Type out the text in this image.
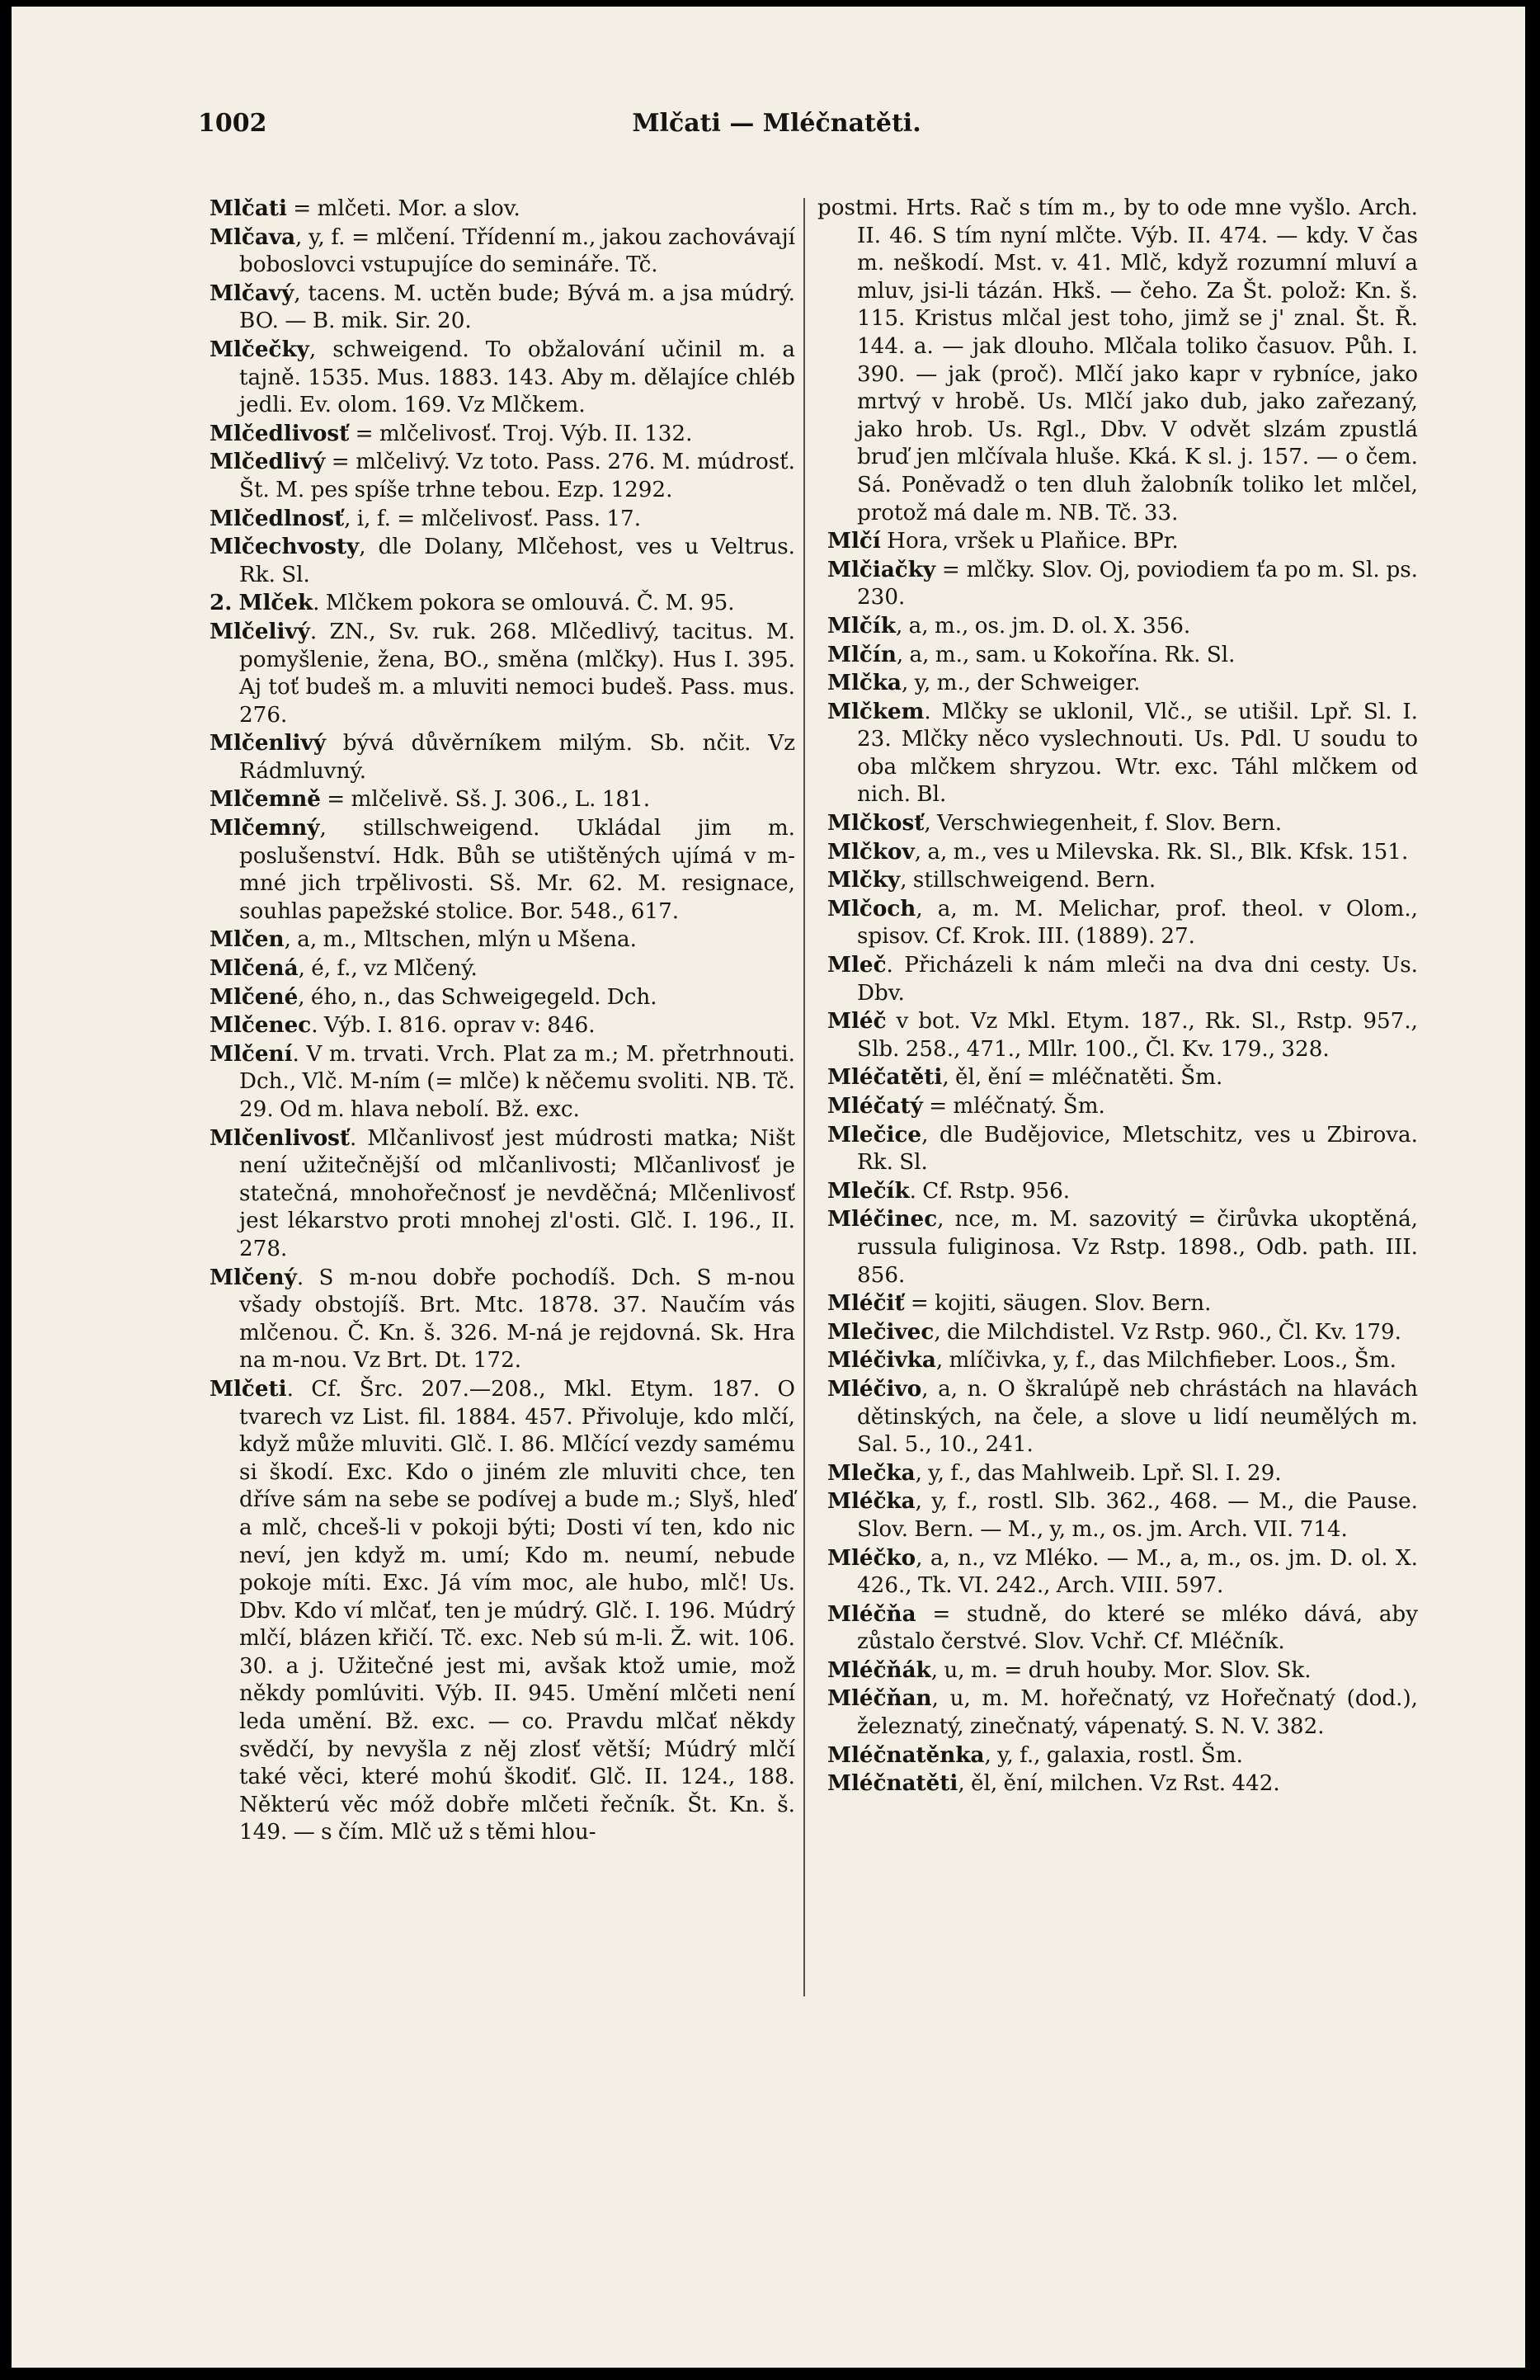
1002	Mlčati — Mléčnatěti.

Mlčati = mlčeti. Mor. a slov.

Mlčava, y, f. = mlčení. Třídenní m., jakou zachovávají boboslovci vstupujíce do semináře. Tč.

Mlčavý, tacens. M. uctěn bude; Bývá m. a jsa múdrý. BO. — B. mik. Sir. 20.

Mlčečky, schweigend. To obžalování učinil m. a tajně. 1535. Mus. 1883. 143. Aby m. dělajíce chléb jedli. Ev. olom. 169. Vz Mlčkem.

Mlčedlivosť = mlčelivosť. Troj. Výb. II. 132.

Mlčedlivý = mlčelivý. Vz toto. Pass. 276. M. múdrosť. Št. M. pes spíše trhne tebou. Ezp. 1292.

Mlčedlnosť, i, f. = mlčelivosť. Pass. 17.

Mlčechvosty, dle Dolany, Mlčehost, ves u Veltrus. Rk. Sl.

2. Mlček. Mlčkem pokora se omlouvá. Č. M. 95.

Mlčelivý. ZN., Sv. ruk. 268. Mlčedlivý, tacitus. M. pomyšlenie, žena, BO., směna (mlčky). Hus I. 395. Aj toť budeš m. a mluviti nemoci budeš. Pass. mus. 276.

Mlčenlivý bývá důvěrníkem milým. Sb. nčit. Vz Rádmluvný.

Mlčemně = mlčelivě. Sš. J. 306., L. 181.

Mlčemný, stillschweigend. Ukládal jim m. poslušenství. Hdk. Bůh se utištěných ujímá v m-mné jich trpělivosti. Sš. Mr. 62. M. resignace, souhlas papežské stolice. Bor. 548., 617.

Mlčen, a, m., Mltschen, mlýn u Mšena.

Mlčená, é, f., vz Mlčený.

Mlčené, ého, n., das Schweigegeld. Dch.

Mlčenec. Výb. I. 816. oprav v: 846.

Mlčení. V m. trvati. Vrch. Plat za m.; M. přetrhnouti. Dch., Vlč. M-ním (= mlče) k něčemu svoliti. NB. Tč. 29. Od m. hlava nebolí. Bž. exc.

Mlčenlivosť. Mlčanlivosť jest múdrosti matka; Ništ není užitečnější od mlčanlivosti; Mlčanlivosť je statečná, mnohořečnosť je nevděčná; Mlčenlivosť jest lékarstvo proti mnohej zl'osti. Glč. I. 196., II. 278.

Mlčený. S m-nou dobře pochodíš. Dch. S m-nou všady obstojíš. Brt. Mtc. 1878. 37. Naučím vás mlčenou. Č. Kn. š. 326. M-ná je rejdovná. Sk. Hra na m-nou. Vz Brt. Dt. 172.

Mlčeti. Cf. Šrc. 207.—208., Mkl. Etym. 187. O tvarech vz List. fil. 1884. 457. Přivoluje, kdo mlčí, když může mluviti. Glč. I. 86. Mlčící vezdy samému si škodí. Exc. Kdo o jiném zle mluviti chce, ten dříve sám na sebe se podívej a bude m.; Slyš, hleď a mlč, chceš-li v pokoji býti; Dosti ví ten, kdo nic neví, jen když m. umí; Kdo m. neumí, nebude pokoje míti. Exc. Já vím moc, ale hubo, mlč! Us. Dbv. Kdo ví mlčať, ten je múdrý. Glč. I. 196. Múdrý mlčí, blázen křičí. Tč. exc. Neb sú m-li. Ž. wit. 106. 30. a j. Užitečné jest mi, avšak ktož umie, mož někdy pomlúviti. Výb. II. 945. Umění mlčeti není leda umění. Bž. exc. — co. Pravdu mlčať někdy svědčí, by nevyšla z něj zlosť větší; Múdrý mlčí také věci, které mohú škodiť. Glč. II. 124., 188. Některú věc móž dobře mlčeti řečník. Št. Kn. š. 149. — s čím. Mlč už s těmi hlou-

postmi. Hrts. Rač s tím m., by to ode mne vyšlo. Arch. II. 46. S tím nyní mlčte. Výb. II. 474. — kdy. V čas m. neškodí. Mst. v. 41. Mlč, když rozumní mluví a mluv, jsi-li tázán. Hkš. — čeho. Za Št. polož: Kn. š. 115. Kristus mlčal jest toho, jimž se j' znal. Št. Ř. 144. a. — jak dlouho. Mlčala toliko časuov. Půh. I. 390. — jak (proč). Mlčí jako kapr v rybníce, jako mrtvý v hrobě. Us. Mlčí jako dub, jako zařezaný, jako hrob. Us. Rgl., Dbv. V odvět slzám zpustlá bruď jen mlčívala hluše. Kká. K sl. j. 157. — o čem. Sá. Poněvadž o ten dluh žalobník toliko let mlčel, protož má dale m. NB. Tč. 33.

Mlčí Hora, vršek u Plaňice. BPr.

Mlčiačky = mlčky. Slov. Oj, poviodiem ťa po m. Sl. ps. 230.

Mlčík, a, m., os. jm. D. ol. X. 356.

Mlčín, a, m., sam. u Kokořína. Rk. Sl.

Mlčka, y, m., der Schweiger.

Mlčkem. Mlčky se uklonil, Vlč., se utišil. Lpř. Sl. I. 23. Mlčky něco vyslechnouti. Us. Pdl. U soudu to oba mlčkem shryzou. Wtr. exc. Táhl mlčkem od nich. Bl.

Mlčkosť, Verschwiegenheit, f. Slov. Bern.

Mlčkov, a, m., ves u Milevska. Rk. Sl., Blk. Kfsk. 151.

Mlčky, stillschweigend. Bern.

Mlčoch, a, m. M. Melichar, prof. theol. v Olom., spisov. Cf. Krok. III. (1889). 27.

Mleč. Přicházeli k nám mleči na dva dni cesty. Us. Dbv.

Mléč v bot. Vz Mkl. Etym. 187., Rk. Sl., Rstp. 957., Slb. 258., 471., Mllr. 100., Čl. Kv. 179., 328.

Mléčatěti, ěl, ění = mléčnatěti. Šm.

Mléčatý = mléčnatý. Šm.

Mlečice, dle Budějovice, Mletschitz, ves u Zbirova. Rk. Sl.

Mlečík. Cf. Rstp. 956.

Mléčinec, nce, m. M. sazovitý = čirůvka ukoptěná, russula fuliginosa. Vz Rstp. 1898., Odb. path. III. 856.

Mléčiť = kojiti, säugen. Slov. Bern.

Mlečivec, die Milchdistel. Vz Rstp. 960., Čl. Kv. 179.

Mléčivka, mlíčivka, y, f., das Milchfieber. Loos., Šm.

Mléčivo, a, n. O škralúpě neb chrástách na hlavách dětinských, na čele, a slove u lidí neumělých m. Sal. 5., 10., 241.

Mlečka, y, f., das Mahlweib. Lpř. Sl. I. 29.

Mléčka, y, f., rostl. Slb. 362., 468. — M., die Pause. Slov. Bern. — M., y, m., os. jm. Arch. VII. 714.

Mléčko, a, n., vz Mléko. — M., a, m., os. jm. D. ol. X. 426., Tk. VI. 242., Arch. VIII. 597.

Mléčňa = studně, do které se mléko dává, aby zůstalo čerstvé. Slov. Vchř. Cf. Mléčník.

Mléčňák, u, m. = druh houby. Mor. Slov. Sk.

Mléčňan, u, m. M. hořečnatý, vz Hořečnatý (dod.), železnatý, zinečnatý, vápenatý. S. N. V. 382.

Mléčnatěnka, y, f., galaxia, rostl. Šm.

Mléčnatěti, ěl, ění, milchen. Vz Rst. 442.
